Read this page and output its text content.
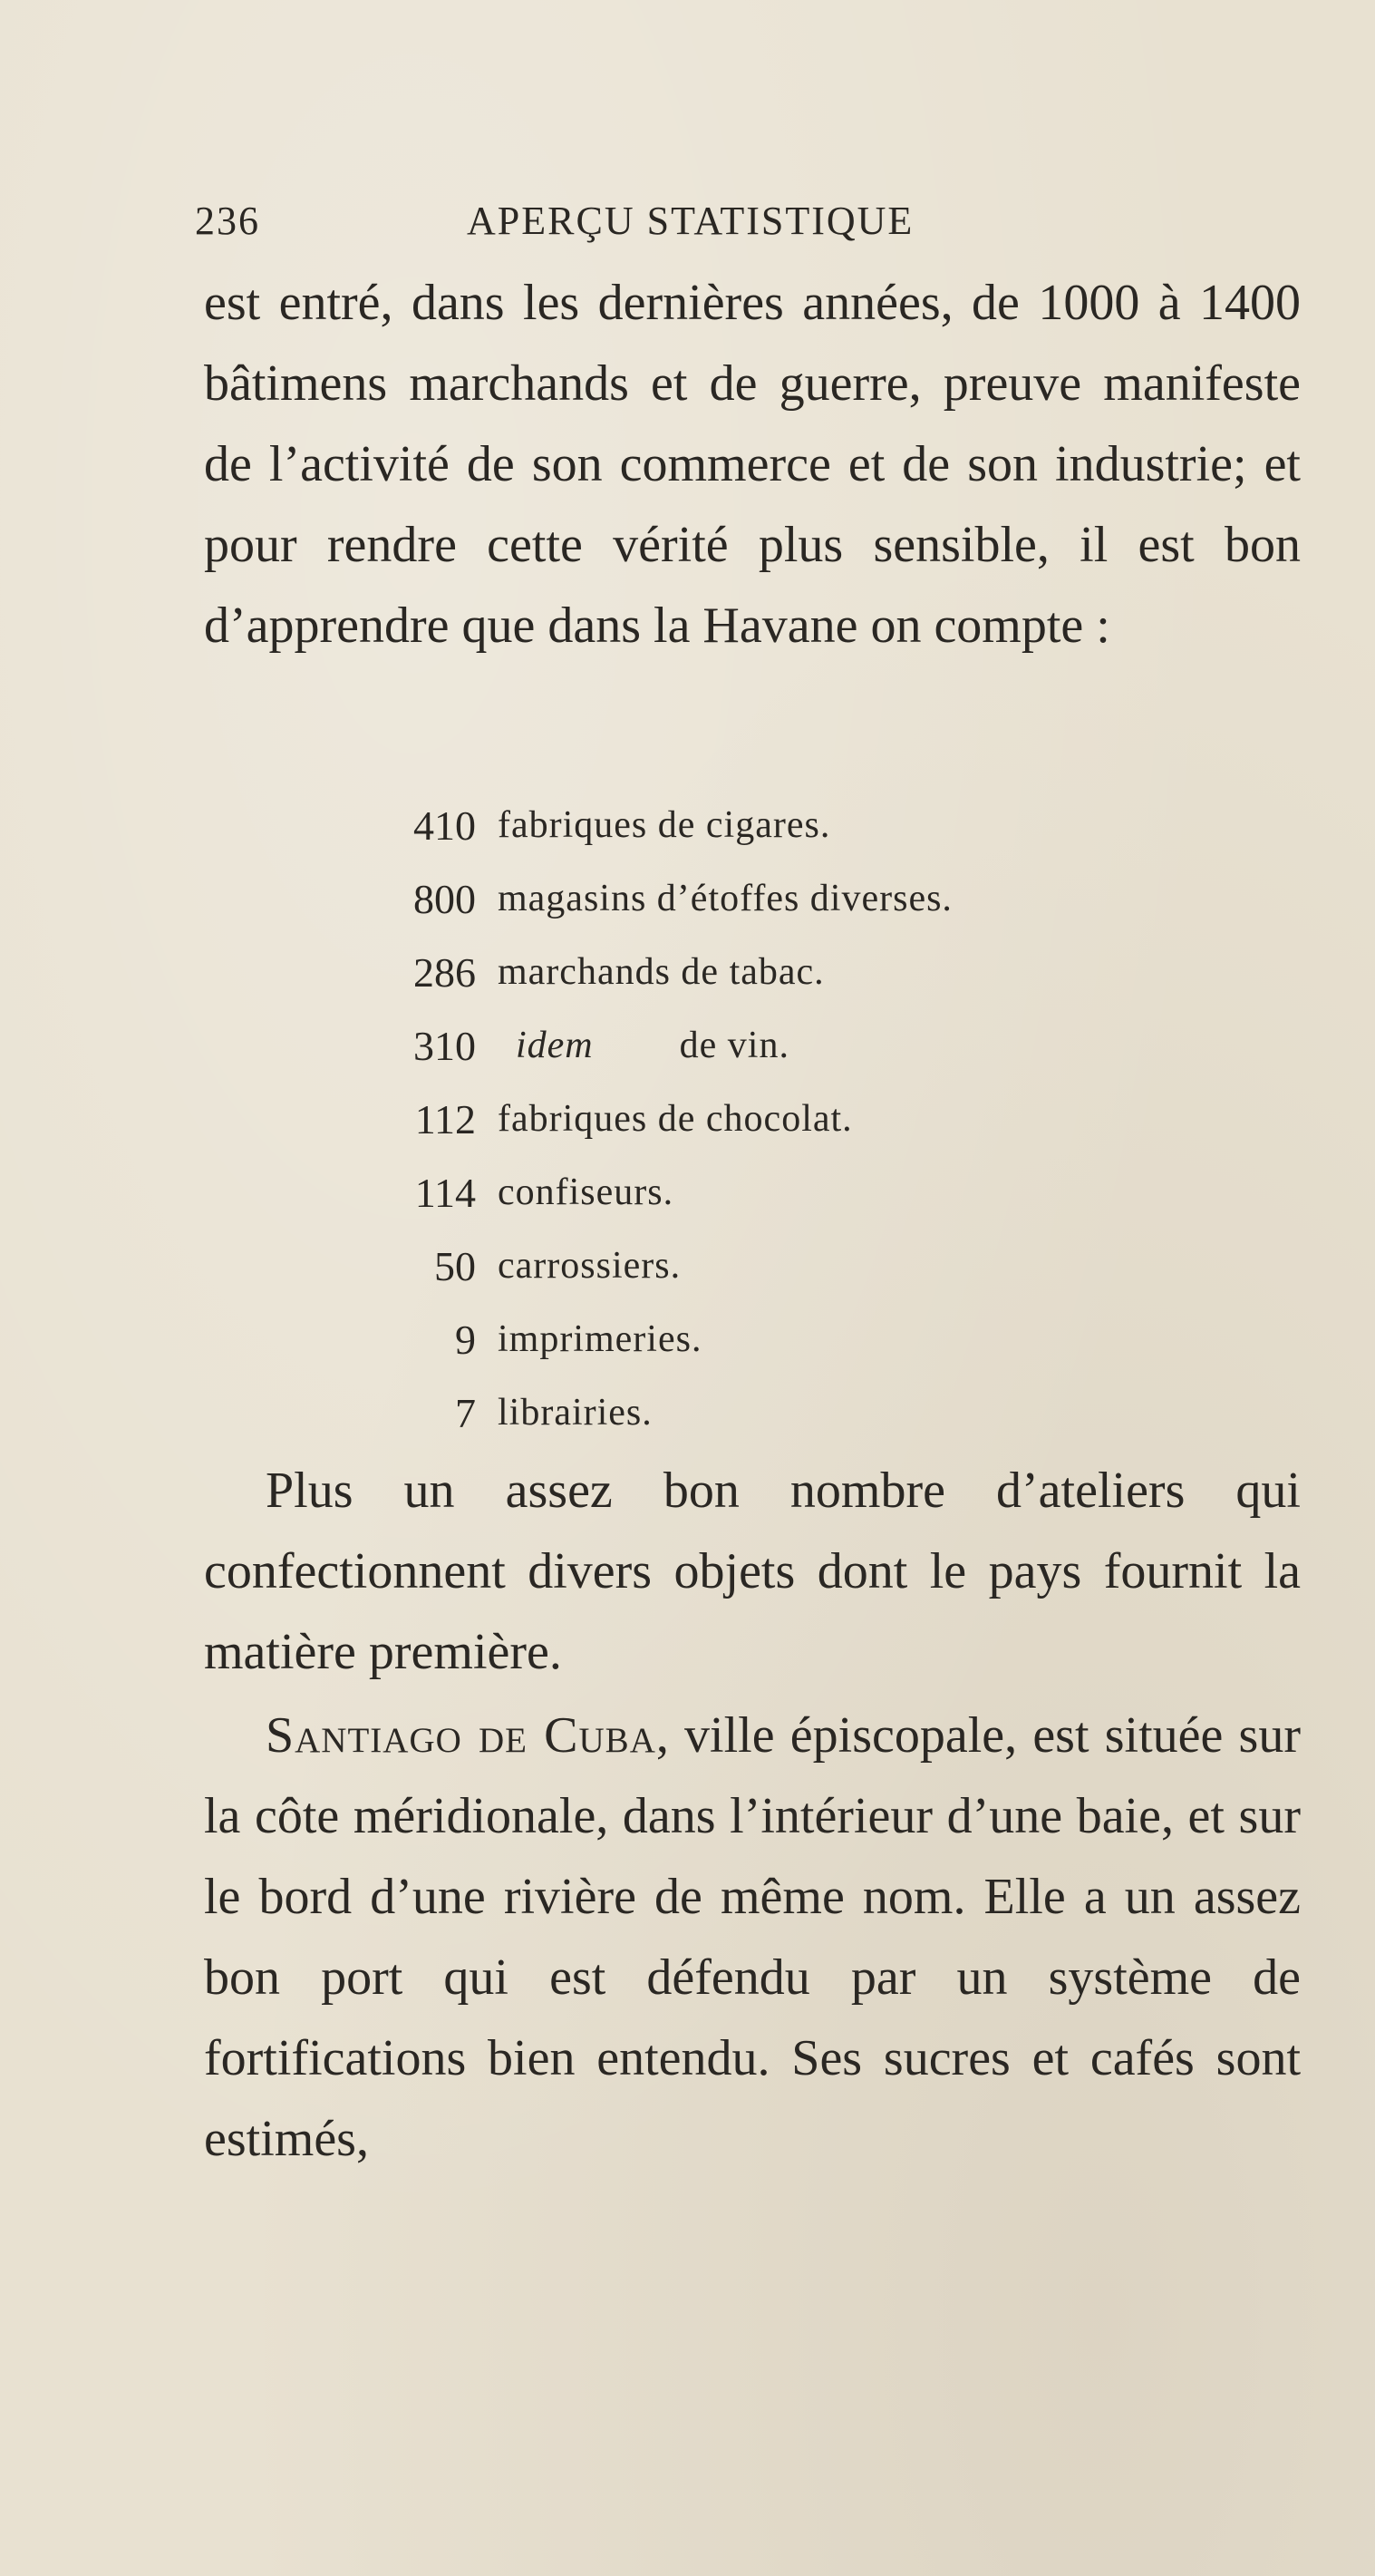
236	APERÇU STATISTIQUE

est entré, dans les dernières années, de 1000 à 1400 bâtimens marchands et de guerre, preuve manifeste de l’activité de son commerce et de son industrie; et pour rendre cette vérité plus sensible, il est bon d’apprendre que dans la Havane on compte :

410 fabriques de cigares.
800 magasins d’étoffes diverses.
286 marchands de tabac.
310	idem de vin.
112 fabriques de chocolat.
114 confiseurs.
50 carrossiers.
9 imprimeries.
7 librairies.

Plus un assez bon nombre d’ateliers qui confectionnent divers objets dont le pays fournit la matière première.

Santiago de Cuba, ville épiscopale, est située sur la côte méridionale, dans l’intérieur d’une baie, et sur le bord d’une rivière de même nom. Elle a un assez bon port qui est défendu par un système de fortifications bien entendu. Ses sucres et cafés sont estimés,
